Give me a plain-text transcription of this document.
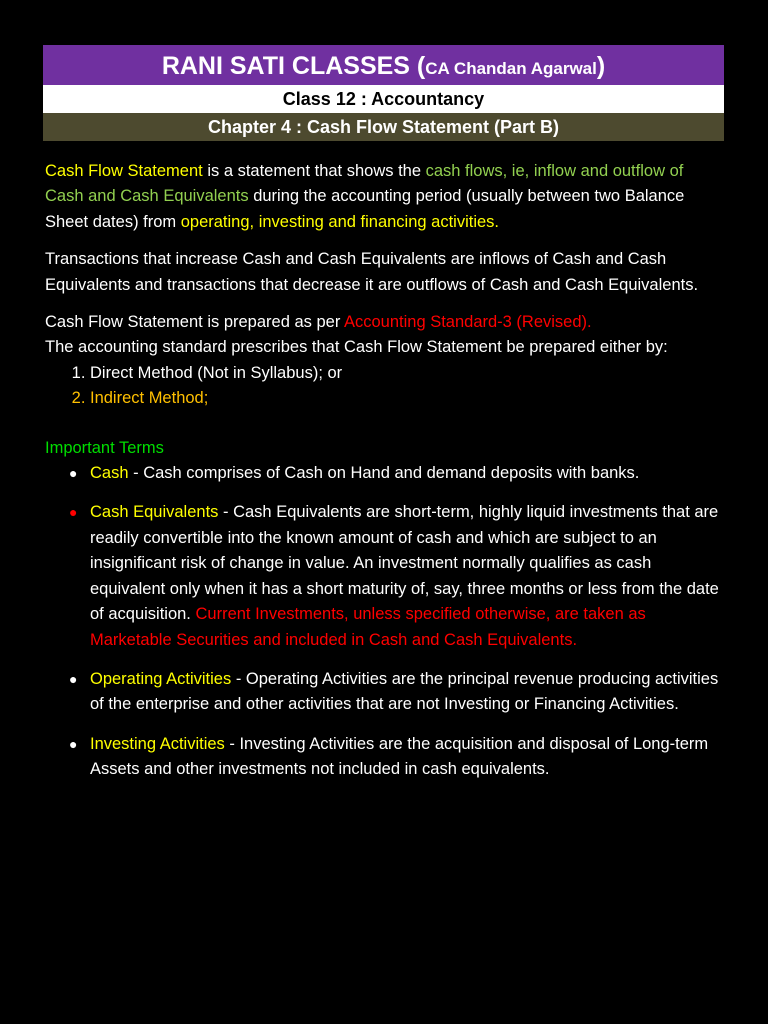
RANI SATI CLASSES (CA Chandan Agarwal)
Class 12 : Accountancy
Chapter 4 : Cash Flow Statement (Part B)

Cash Flow Statement is a statement that shows the cash flows, ie, inflow and outflow of Cash and Cash Equivalents during the accounting period (usually between two Balance Sheet dates) from operating, investing and financing activities.

Transactions that increase Cash and Cash Equivalents are inflows of Cash and Cash Equivalents and transactions that decrease it are outflows of Cash and Cash Equivalents.

Cash Flow Statement is prepared as per Accounting Standard-3 (Revised).
The accounting standard prescribes that Cash Flow Statement be prepared either by:

1. Direct Method (Not in Syllabus); or
2. Indirect Method;
Important Terms
● Cash - Cash comprises of Cash on Hand and demand deposits with banks.
● Cash Equivalents - Cash Equivalents are short-term, highly liquid investments that are readily convertible into the known amount of cash and which are subject to an insignificant risk of change in value. An investment normally qualifies as cash equivalent only when it has a short maturity of, say, three months or less from the date of acquisition. Current Investments, unless specified otherwise, are taken as Marketable Securities and included in Cash and Cash Equivalents.
● Operating Activities - Operating Activities are the principal revenue producing activities of the enterprise and other activities that are not Investing or Financing Activities.
● Investing Activities - Investing Activities are the acquisition and disposal of Long-term Assets and other investments not included in cash equivalents.
